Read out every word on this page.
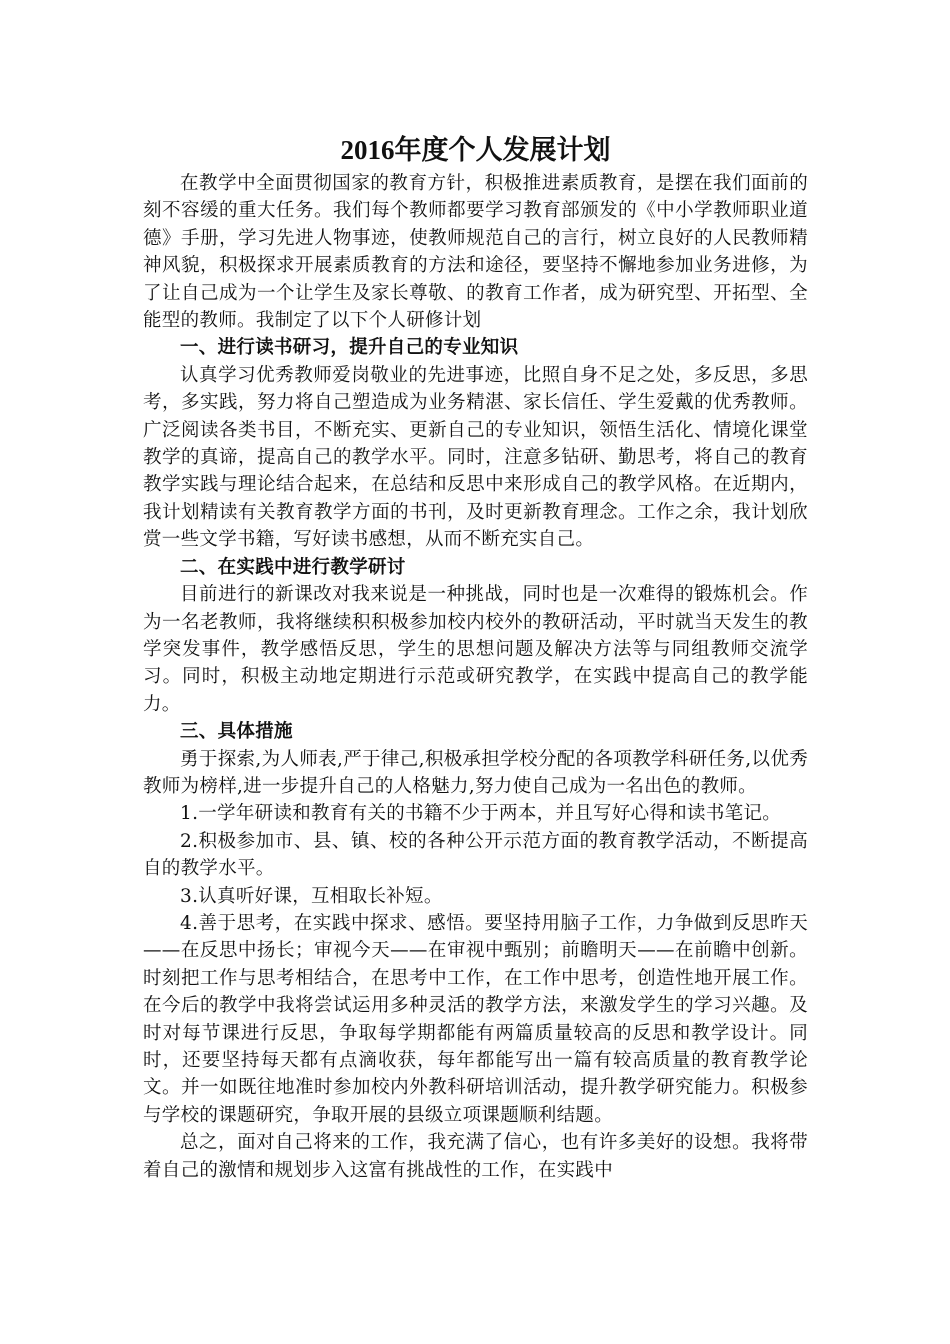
2016年度个人发展计划

在教学中全面贯彻国家的教育方针，积极推进素质教育，是摆在我们面前的刻不容缓的重大任务。我们每个教师都要学习教育部颁发的《中小学教师职业道德》手册，学习先进人物事迹，使教师规范自己的言行，树立良好的人民教师精神风貌，积极探求开展素质教育的方法和途径，要坚持不懈地参加业务进修，为了让自己成为一个让学生及家长尊敬、的教育工作者，成为研究型、开拓型、全能型的教师。我制定了以下个人研修计划

一、进行读书研习，提升自己的专业知识

认真学习优秀教师爱岗敬业的先进事迹，比照自身不足之处，多反思，多思考，多实践，努力将自己塑造成为业务精湛、家长信任、学生爱戴的优秀教师。广泛阅读各类书目，不断充实、更新自己的专业知识，领悟生活化、情境化课堂教学的真谛，提高自己的教学水平。同时，注意多钻研、勤思考，将自己的教育教学实践与理论结合起来，在总结和反思中来形成自己的教学风格。在近期内，我计划精读有关教育教学方面的书刊，及时更新教育理念。工作之余，我计划欣赏一些文学书籍，写好读书感想，从而不断充实自己。

二、在实践中进行教学研讨

目前进行的新课改对我来说是一种挑战，同时也是一次难得的锻炼机会。作为一名老教师，我将继续积积极参加校内校外的教研活动，平时就当天发生的教学突发事件，教学感悟反思，学生的思想问题及解决方法等与同组教师交流学习。同时，积极主动地定期进行示范或研究教学，在实践中提高自己的教学能力。

三、具体措施

勇于探索,为人师表,严于律己,积极承担学校分配的各项教学科研任务,以优秀教师为榜样,进一步提升自己的人格魅力,努力使自己成为一名出色的教师。

1.一学年研读和教育有关的书籍不少于两本，并且写好心得和读书笔记。

2.积极参加市、县、镇、校的各种公开示范方面的教育教学活动，不断提高自的教学水平。

3.认真听好课，互相取长补短。

4.善于思考，在实践中探求、感悟。要坚持用脑子工作，力争做到反思昨天——在反思中扬长；审视今天——在审视中甄别；前瞻明天——在前瞻中创新。时刻把工作与思考相结合，在思考中工作，在工作中思考，创造性地开展工作。在今后的教学中我将尝试运用多种灵活的教学方法，来激发学生的学习兴趣。及时对每节课进行反思，争取每学期都能有两篇质量较高的反思和教学设计。同时，还要坚持每天都有点滴收获，每年都能写出一篇有较高质量的教育教学论文。并一如既往地准时参加校内外教科研培训活动，提升教学研究能力。积极参与学校的课题研究，争取开展的县级立项课题顺利结题。

总之，面对自己将来的工作，我充满了信心，也有许多美好的设想。我将带着自己的激情和规划步入这富有挑战性的工作，在实践中
